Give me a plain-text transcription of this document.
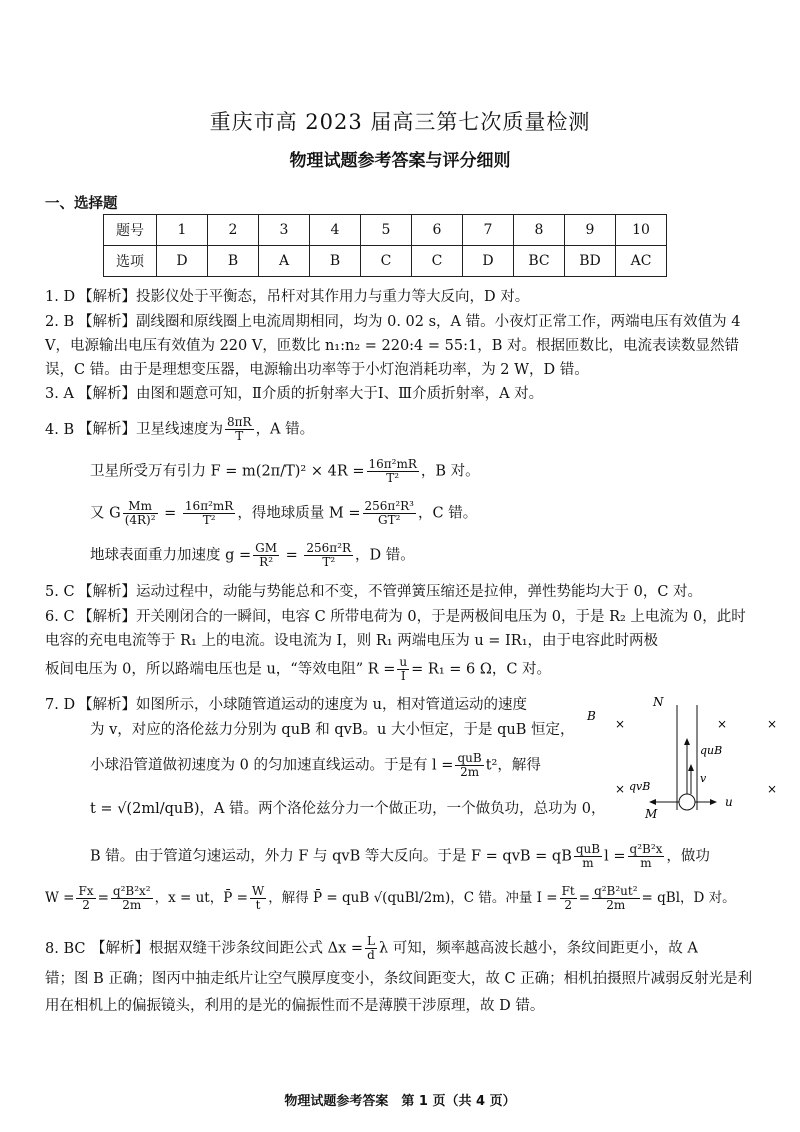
重庆市高 2023 届高三第七次质量检测
物理试题参考答案与评分细则
一、选择题
题号	1	2	3	4	5	6	7	8	9	10
选项	D	B	A	B	C	C	D	BC	BD	AC
1. D 【解析】投影仪处于平衡态，吊杆对其作用力与重力等大反向，D 对。
2. B 【解析】副线圈和原线圈上电流周期相同，均为 0. 02 s，A 错。小夜灯正常工作，两端电压有效值为 4 V，电源输出电压有效值为 220 V，匝数比 n₁:n₂ = 220:4 = 55:1，B 对。根据匝数比，电流表读数显然错误，C 错。由于是理想变压器，电源输出功率等于小灯泡消耗功率，为 2 W，D 错。
3. A 【解析】由图和题意可知，Ⅱ介质的折射率大于Ⅰ、Ⅲ介质折射率，A 对。
4. B 【解析】卫星线速度为 $\frac{8\pi R}{T}$ ，A 错。
卫星所受万有引力 $F = m(2\pi/T)^2 \times 4R = \frac{\text{16π²mR}}{\text{T²}}$ ，B 对。
又 G $\frac{Mm}{\text{(4R)²}} = \frac{\text{16π²mR}}{\text{T²}}$ ，得地球质量 $M = \frac{\text{256π²R³}}{\text{GT²}}$ ，C 错。
地球表面重力加速度 $g = \frac{GM}{\text{R²}} = \frac{\text{256π²R}}{\text{T²}}$ ，D 错。
5. C 【解析】运动过程中，动能与势能总和不变，不管弹簧压缩还是拉伸，弹性势能均大于 0，C 对。
6. C 【解析】开关刚闭合的一瞬间，电容 C 所带电荷为 0，于是两极间电压为 0，于是 R₂ 上电流为 0，此时电容的充电电流等于 R₁ 上的电流。设电流为 I，则 R₁ 两端电压为 u = IR₁，由于电容此时两极
板间电压为 0，所以路端电压也是 u，“等效电阻” $R = \frac{u}{I} = R_1 = 6$ Ω，C 对。
7. D 【解析】如图所示，小球随管道运动的速度为 u，相对管道运动的速度
为 v，对应的洛伦兹力分别为 quB 和 qvB。u 大小恒定，于是 quB 恒定，
小球沿管道做初速度为 0 的匀加速直线运动。于是有 $l = \frac{\text{quB}}{2m} t^2$，解得
t = √(2ml/quB)，A 错。两个洛伦兹分力一个做正功，一个做负功，总功为 0，
B 错。由于管道匀速运动，外力 F 与 qvB 等大反向。于是 F = qvB = qB $\frac{\text{quB}}{m}$ $l = \frac{\text{q²B²x}}{m}$ ，做功
$W = \frac{Fx}{2} = \frac{\text{q²B²x²}}{2m}$ ，x = ut，P̄ = $\frac{W}{t}$ ，解得 P̄ = quB √(quBl/2m)，C 错。冲量 $I = \frac{Ft}{2} = \frac{\text{q²B²ut²}}{2m}$ = qBl，D 对。
B
N
M
×	×	×
×	×
quB
v
qvB
u
8. BC 【解析】根据双缝干涉条纹间距公式 $\Delta x = \frac{L}{d}$ λ 可知，频率越高波长越小，条纹间距更小，故 A
错；图 B 正确；图丙中抽走纸片让空气膜厚度变小，条纹间距变大，故 C 正确；相机拍摄照片减弱反射光是利用在相机上的偏振镜头，利用的是光的偏振性而不是薄膜干涉原理，故 D 错。
物理试题参考答案　第 1 页（共 4 页）
